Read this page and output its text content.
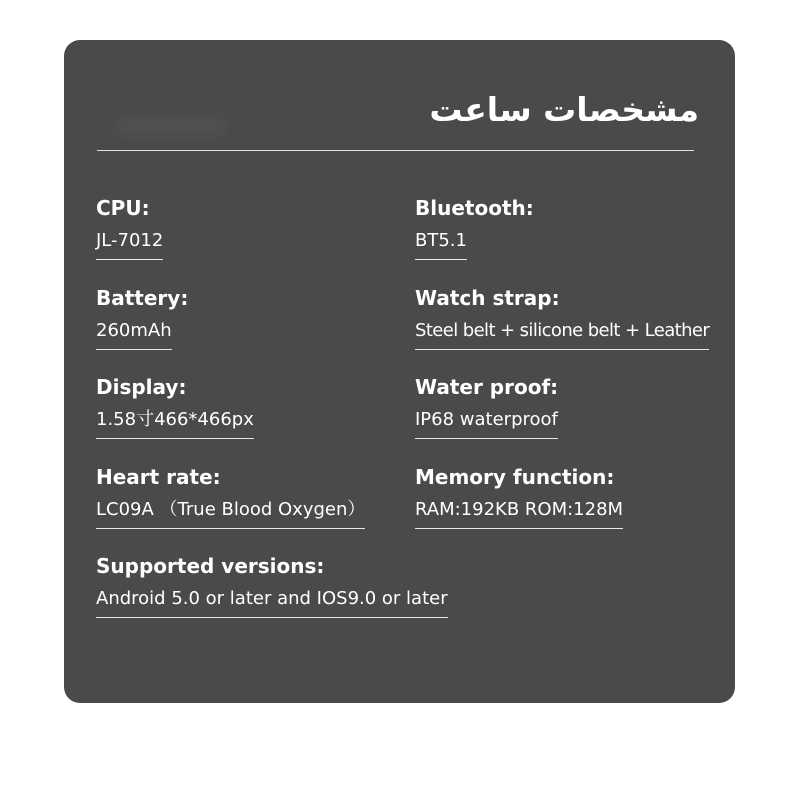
مشخصات ساعت
CPU:
JL-7012
Bluetooth:
BT5.1
Battery:
260mAh
Watch strap:
Steel belt + silicone belt + Leather
Display:
1.58寸466*466px
Water proof:
IP68 waterproof
Heart rate:
LC09A （True Blood Oxygen）
Memory function:
RAM:192KB ROM:128M
Supported versions:
Android 5.0 or later and IOS9.0 or later
